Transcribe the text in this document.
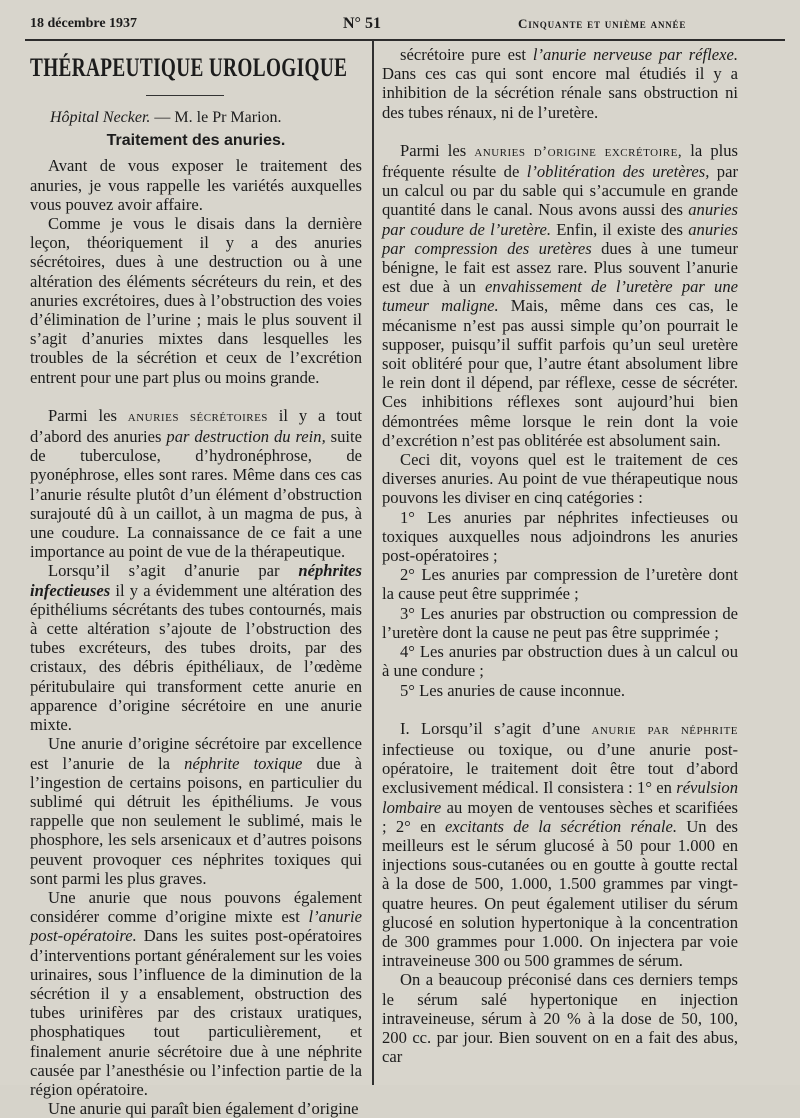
18 décembre 1937	N° 51	Cinquante et unième année
THÉRAPEUTIQUE UROLOGIQUE
Hôpital Necker. — M. le Pr Marion.
Traitement des anuries.

Avant de vous exposer le traitement des anuries, je vous rappelle les variétés auxquelles vous pouvez avoir affaire.

Comme je vous le disais dans la dernière leçon, théoriquement il y a des anuries sécrétoires, dues à une destruction ou à une altération des éléments sécréteurs du rein, et des anuries excrétoires, dues à l’obstruction des voies d’élimination de l’urine ; mais le plus souvent il s’agit d’anuries mixtes dans lesquelles les troubles de la sécrétion et ceux de l’excrétion entrent pour une part plus ou moins grande.

Parmi les anuries sécrétoires il y a tout d’abord des anuries par destruction du rein, suite de tuberculose, d’hydronéphrose, de pyonéphrose, elles sont rares. Même dans ces cas l’anurie résulte plutôt d’un élément d’obstruction surajouté dû à un caillot, à un magma de pus, à une coudure. La connaissance de ce fait a une importance au point de vue de la thérapeutique.

Lorsqu’il s’agit d’anurie par néphrites infectieuses il y a évidemment une altération des épithéliums sécrétants des tubes contournés, mais à cette altération s’ajoute de l’obstruction des tubes excréteurs, des tubes droits, par des cristaux, des débris épithéliaux, de l’œdème péritubulaire qui transforment cette anurie en apparence d’origine sécrétoire en une anurie mixte.

Une anurie d’origine sécrétoire par excellence est l’anurie de la néphrite toxique due à l’ingestion de certains poisons, en particulier du sublimé qui détruit les épithéliums. Je vous rappelle que non seulement le sublimé, mais le phosphore, les sels arsenicaux et d’autres poisons peuvent provoquer ces néphrites toxiques qui sont parmi les plus graves.

Une anurie que nous pouvons également considérer comme d’origine mixte est l’anurie post-opératoire. Dans les suites post-opératoires d’interventions portant généralement sur les voies urinaires, sous l’influence de la diminution de la sécrétion il y a ensablement, obstruction des tubes urinifères par des cristaux uratiques, phosphatiques tout particulièrement, et finalement anurie sécrétoire due à une néphrite causée par l’anesthésie ou l’infection partie de la région opératoire.

Une anurie qui paraît bien également d’origine

sécrétoire pure est l’anurie nerveuse par réflexe. Dans ces cas qui sont encore mal étudiés il y a inhibition de la sécrétion rénale sans obstruction ni des tubes rénaux, ni de l’uretère.

Parmi les anuries d’origine excrétoire, la plus fréquente résulte de l’oblitération des uretères, par un calcul ou par du sable qui s’accumule en grande quantité dans le canal. Nous avons aussi des anuries par coudure de l’uretère. Enfin, il existe des anuries par compression des uretères dues à une tumeur bénigne, le fait est assez rare. Plus souvent l’anurie est due à un envahissement de l’uretère par une tumeur maligne. Mais, même dans ces cas, le mécanisme n’est pas aussi simple qu’on pourrait le supposer, puisqu’il suffit parfois qu’un seul uretère soit oblitéré pour que, l’autre étant absolument libre le rein dont il dépend, par réflexe, cesse de sécréter. Ces inhibitions réflexes sont aujourd’hui bien démontrées même lorsque le rein dont la voie d’excrétion n’est pas oblitérée est absolument sain.

Ceci dit, voyons quel est le traitement de ces diverses anuries. Au point de vue thérapeutique nous pouvons les diviser en cinq catégories :

1° Les anuries par néphrites infectieuses ou toxiques auxquelles nous adjoindrons les anuries post-opératoires ;

2° Les anuries par compression de l’uretère dont la cause peut être supprimée ;

3° Les anuries par obstruction ou compression de l’uretère dont la cause ne peut pas être supprimée ;

4° Les anuries par obstruction dues à un calcul ou à une condure ;

5° Les anuries de cause inconnue.

I. Lorsqu’il s’agit d’une anurie par néphrite infectieuse ou toxique, ou d’une anurie post-opératoire, le traitement doit être tout d’abord exclusivement médical. Il consistera : 1° en révulsion lombaire au moyen de ventouses sèches et scarifiées ; 2° en excitants de la sécrétion rénale. Un des meilleurs est le sérum glucosé à 50 pour 1.000 en injections sous-cutanées ou en goutte à goutte rectal à la dose de 500, 1.000, 1.500 grammes par vingt-quatre heures. On peut également utiliser du sérum glucosé en solution hypertonique à la concentration de 300 grammes pour 1.000. On injectera par voie intraveineuse 300 ou 500 grammes de sérum.

On a beaucoup préconisé dans ces derniers temps le sérum salé hypertonique en injection intraveineuse, sérum à 20 % à la dose de 50, 100, 200 cc. par jour. Bien souvent on en a fait des abus, car
